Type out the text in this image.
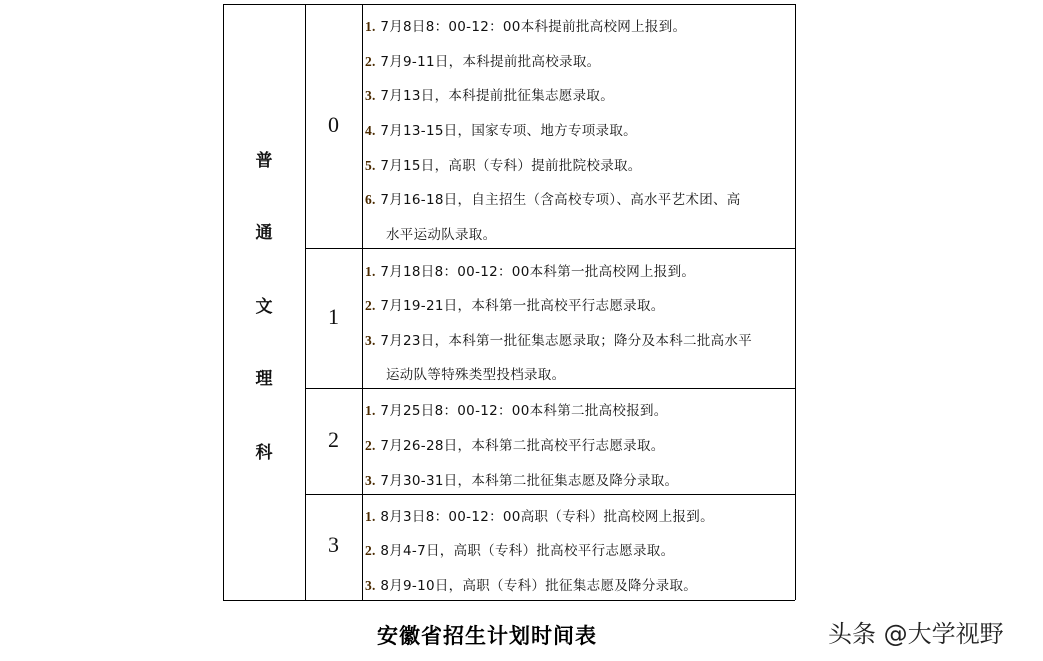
普
通
文
理
科
0
1
2
3
1. 7月8日8：00-12：00本科提前批高校网上报到。
2. 7月9-11日，本科提前批高校录取。
3. 7月13日，本科提前批征集志愿录取。
4. 7月13-15日，国家专项、地方专项录取。
5. 7月15日，高职（专科）提前批院校录取。
6. 7月16-18日，自主招生（含高校专项）、高水平艺术团、高
水平运动队录取。
1. 7月18日8：00-12：00本科第一批高校网上报到。
2. 7月19-21日，本科第一批高校平行志愿录取。
3. 7月23日，本科第一批征集志愿录取；降分及本科二批高水平
运动队等特殊类型投档录取。
1. 7月25日8：00-12：00本科第二批高校报到。
2. 7月26-28日，本科第二批高校平行志愿录取。
3. 7月30-31日，本科第二批征集志愿及降分录取。
1. 8月3日8：00-12：00高职（专科）批高校网上报到。
2. 8月4-7日，高职（专科）批高校平行志愿录取。
3. 8月9-10日，高职（专科）批征集志愿及降分录取。
安徽省招生计划时间表	头条 @大学视野
